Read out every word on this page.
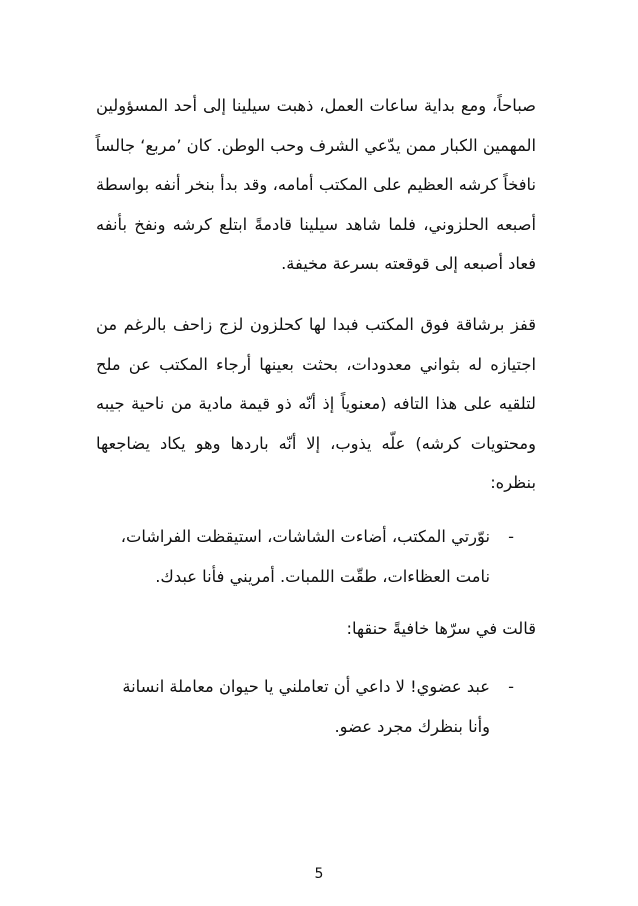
صباحاً، ومع بداية ساعات العمل، ذهبت سيلينا إلى أحد المسؤولين
المهمين الكبار ممن يدّعي الشرف وحب الوطن. كان ’مربع‘ جالساً
نافخاً كرشه العظيم على المكتب أمامه، وقد بدأ بنخر أنفه بواسطة
أصبعه الحلزوني، فلما شاهد سيلينا قادمةً ابتلع كرشه ونفخ بأنفه
فعاد أصبعه إلى قوقعته بسرعة مخيفة.
قفز برشاقة فوق المكتب فبدا لها كحلزون لزج زاحف بالرغم من
اجتيازه له بثواني معدودات، بحثت بعينها أرجاء المكتب عن ملح
لتلقيه على هذا التافه (معنوياً إذ أنّه ذو قيمة مادية من ناحية جيبه
ومحتويات كرشه) علّه يذوب، إلا أنّه باردها وهو يكاد يضاجعها
بنظره:
-
نوّرتي المكتب، أضاءت الشاشات، استيقظت الفراشات،
نامت العظاءات، طقّت اللمبات. أمريني فأنا عبدك.
قالت في سرّها خافيةً حنقها:
-
عبد عضوي! لا داعي أن تعاملني يا حيوان معاملة انسانة
وأنا بنظرك مجرد عضو.
5
